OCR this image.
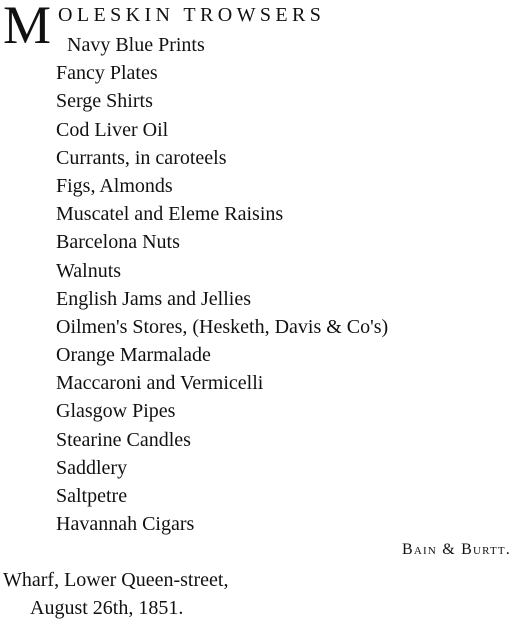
M OLESKIN TROWSERS
Navy Blue Prints
Fancy Plates
Serge Shirts
Cod Liver Oil
Currants, in caroteels
Figs, Almonds
Muscatel and Eleme Raisins
Barcelona Nuts
Walnuts
English Jams and Jellies
Oilmen's Stores, (Hesketh, Davis & Co's)
Orange Marmalade
Maccaroni and Vermicelli
Glasgow Pipes
Stearine Candles
Saddlery
Saltpetre
Havannah Cigars
Bain & Burtt.
Wharf, Lower Queen-street,
August 26th, 1851.
